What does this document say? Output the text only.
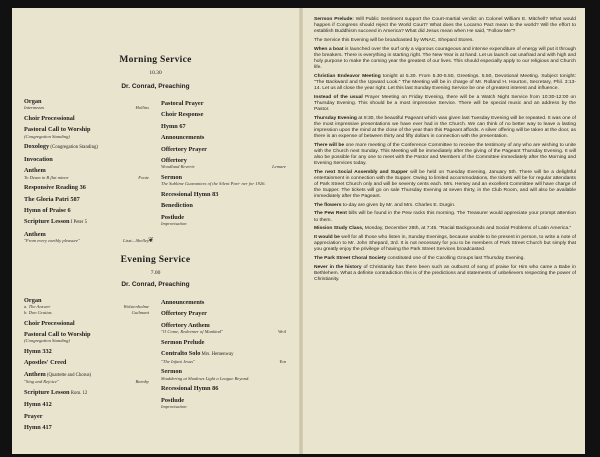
Morning Service
10.30
Dr. Conrad, Preaching
Organ
Intermezzo	Hollins
Choir Processional
Pastoral Call to Worship
(Congregation Standing)
Doxology (Congregation Standing)
Invocation
Anthem
To Deum in B flat minor	Foote
Responsive Reading 36
The Gloria Patri 587
Hymn of Praise 6
Scripture Lesson I Peter 5
Anthem
"From every earthly pleasure"	Liszt—Shelley
Pastoral Prayer
Choir Response
Hymn 67
Announcements
Offertory Prayer
Offertory
Woodland Reverie	Lemare
Sermon
The Sublime Guarantees of the Silent Part- ner for 1926.
Recessional Hymn 83
Benediction
Postlude
Improvisation
❦
Evening Service
7.00
Dr. Conrad, Preaching
Organ
a. The Answer	Wolstenholme
b. Don Gratias	Guilmant
Choir Processional
Pastoral Call to Worship
(Congregation Standing)
Hymn 332
Apostles' Creed
Anthem (Quartette and Chorus)
"Sing and Rejoice"	Barnby
Scripture Lesson Rom. 12
Hymn 412
Prayer
Hymn 417
Announcements
Offertory Prayer
Offertory Anthem
"O Come, Redeemer of Mankind"	Weil
Sermon Prelude
Contralto Solo Mrs. Hemenway
"The Infant Jesus"	Yon
Sermon
Shuddering at Shadows Light a League Beyond.
Recessional Hymn 86
Postlude
Improvisation

Sermon Prelude: Will Public Sentiment support the Court-martial verdict on Colonel William E. Mitchell? What would happen if Congress should reject the World Court? What does the Locarno Pact mean to the world? Will the effort to establish Buddhism succeed in America? What did Jesus mean when He said, "Follow Me"?

The Service this Evening will be broadcasted by WNAC, Shepard Stores.

When a boat is launched over the surf only a vigorous courageous and intense expenditure of energy will put it through the breakers. There is everything in starting right. The New Year is at hand. Let us launch out unafraid and with high and holy purpose to make the coming year the greatest of our lives. This should especially apply to our religious and Church life.

Christian Endeavor Meeting tonight at 5.30. From 5.30-5.50, Greetings. 5.50, Devotional Meeting. Subject tonight: "The Backward and the Upward Look." The Meeting will be in charge of Mr. Rolland H. Hourton, Secretary, Phil. 3:13-14. Let us all close the year right. Let this last Sunday Evening Service be one of greatest interest and influence.

Instead of the usual Prayer Meeting on Friday Evening, there will be a Watch Night Service from 10:30-12:00 on Thursday Evening. This should be a most impressive Service. There will be special music and an address by the Pastor.

Thursday Evening at 8:30, the beautiful Pageant which was given last Tuesday Evening will be repeated. It was one of the most impressive presentations we have ever had in the Church. We can think of no better way to leave a lasting impression upon the mind at the close of the year than this Pageant affords. A silver offering will be taken at the door, as there is an expense of between thirty and fifty dollars in connection with the presentation.

There will be one more meeting of the Conference Committee to receive the testimony of any who are wishing to unite with the Church next Sunday. This Meeting will be immediately after the giving of the Pageant Thursday Evening. It will also be possible for any one to meet with the Pastor and Members of the Committee immediately after the Morning and Evening Services today.

The next Social Assembly and Supper will be held on Tuesday Evening, January 5th. There will be a delightful entertainment in connection with the Supper. Owing to limited accommodations, the tickets will be for regular attendants of Park Street Church only and will be seventy cents each. Mrs. Hersey and an excellent Committee will have charge of the Supper. The tickets will go on sale Thursday Evening at seven thirty, in the Club Room, and will also be available immediately after the Pageant.

The flowers to-day are given by Mr. and Mrs. Charles E. Durgin.

The Pew Rent bills will be found in the Pew racks this morning. The Treasurer would appreciate your prompt attention to them.

Mission Study Class, Monday, December 28th, at 7:45. "Racial Backgrounds and Social Problems of Latin America."

It would be well for all those who listen in, Sunday Evenings, because unable to be present in person, to write a note of appreciation to Mr. John Shepard, 3rd. It is not necessary for you to be members of Park Street Church but simply that you greatly enjoy the privilege of having the Park Street Services broadcasted.

The Park Street Choral Society constituted one of the Carolling Groups last Thursday Evening.

Never in the history of Christianity has there been such an outburst of song of praise for Him who came a Babe in Bethlehem. What a definite contradiction this is of the predictions and statements of unbelievers respecting the power of Christianity.
